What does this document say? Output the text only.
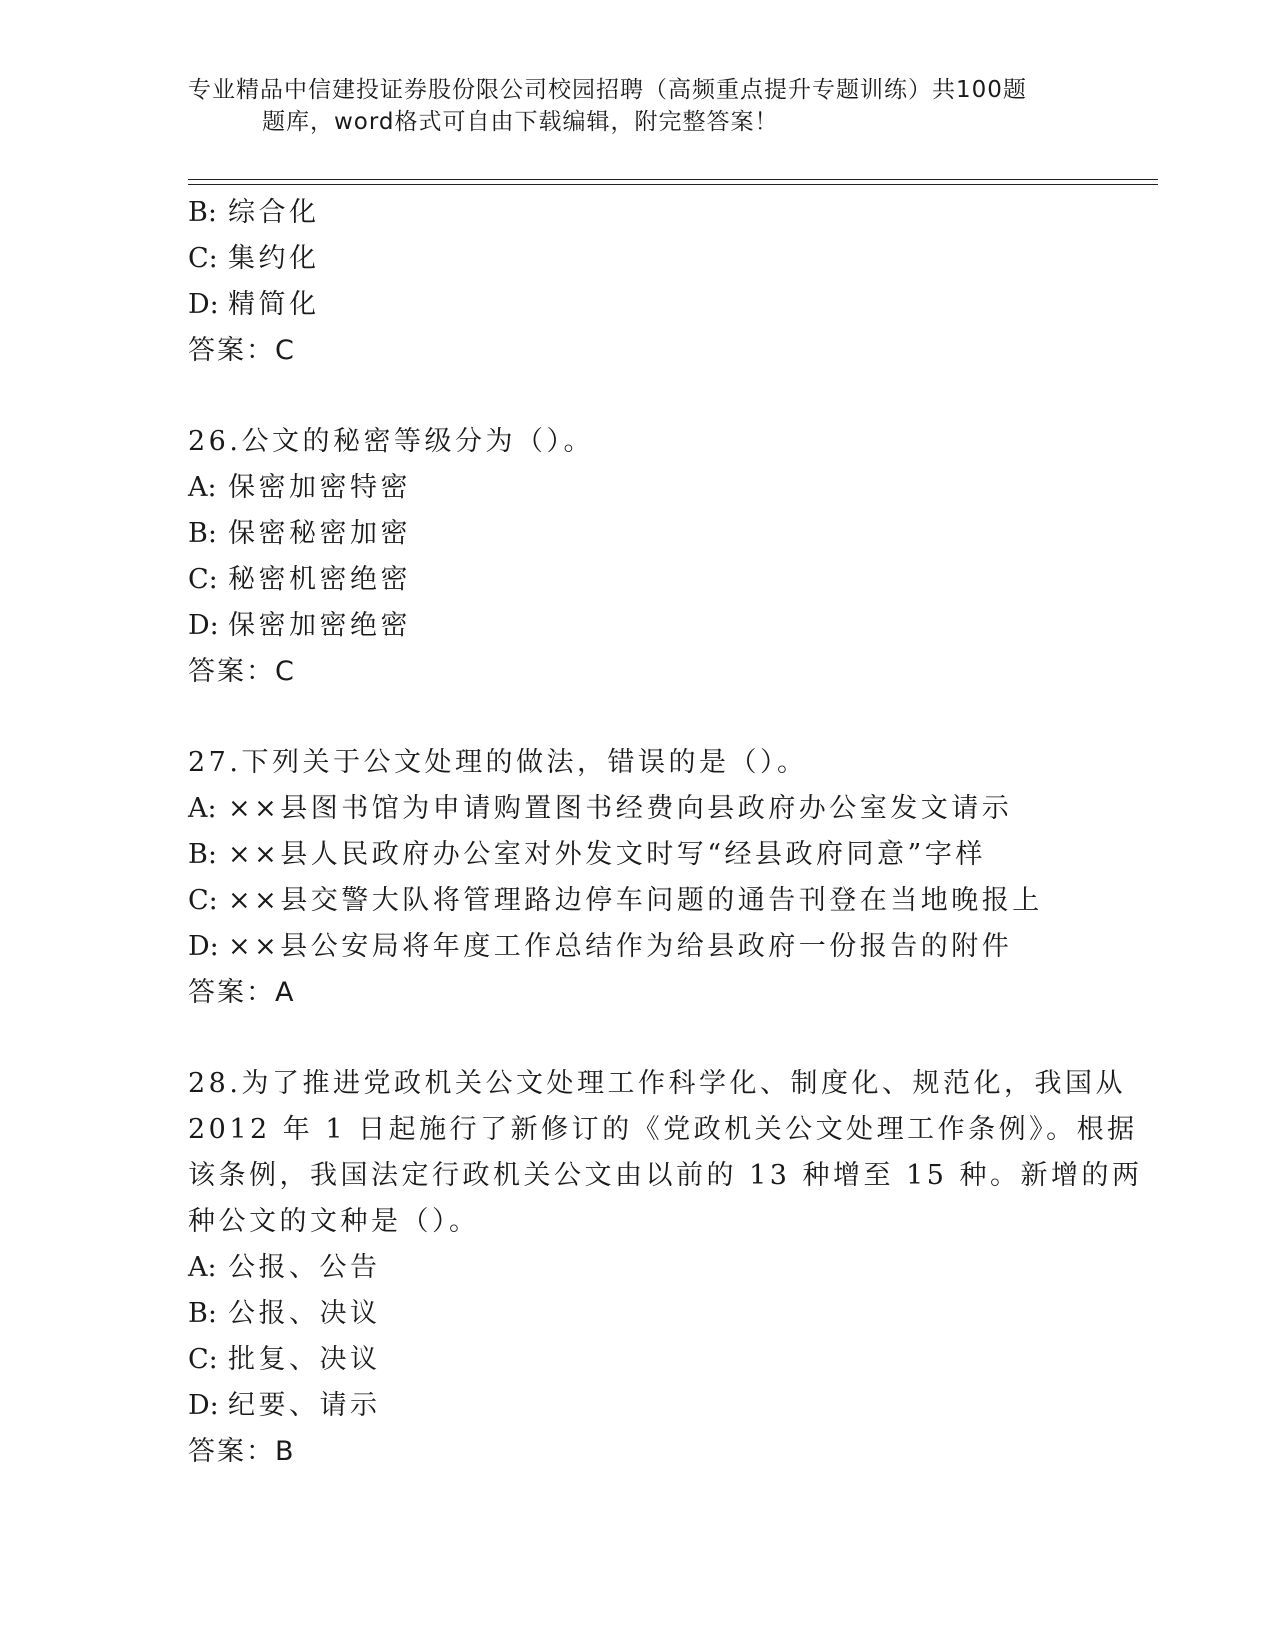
专业精品中信建投证券股份限公司校园招聘（高频重点提升专题训练）共100题
题库，word格式可自由下载编辑，附完整答案！
B: 综合化
C: 集约化
D: 精简化
答案：C
26.公文的秘密等级分为（）。
A: 保密加密特密
B: 保密秘密加密
C: 秘密机密绝密
D: 保密加密绝密
答案：C
27.下列关于公文处理的做法，错误的是（）。
A: ××县图书馆为申请购置图书经费向县政府办公室发文请示
B: ××县人民政府办公室对外发文时写“经县政府同意”字样
C: ××县交警大队将管理路边停车问题的通告刊登在当地晚报上
D: ××县公安局将年度工作总结作为给县政府一份报告的附件
答案：A
28.为了推进党政机关公文处理工作科学化、制度化、规范化，我国从
2012 年 1 日起施行了新修订的《党政机关公文处理工作条例》。根据
该条例，我国法定行政机关公文由以前的 13 种增至 15 种。新增的两
种公文的文种是（）。
A: 公报、公告
B: 公报、决议
C: 批复、决议
D: 纪要、请示
答案：B
